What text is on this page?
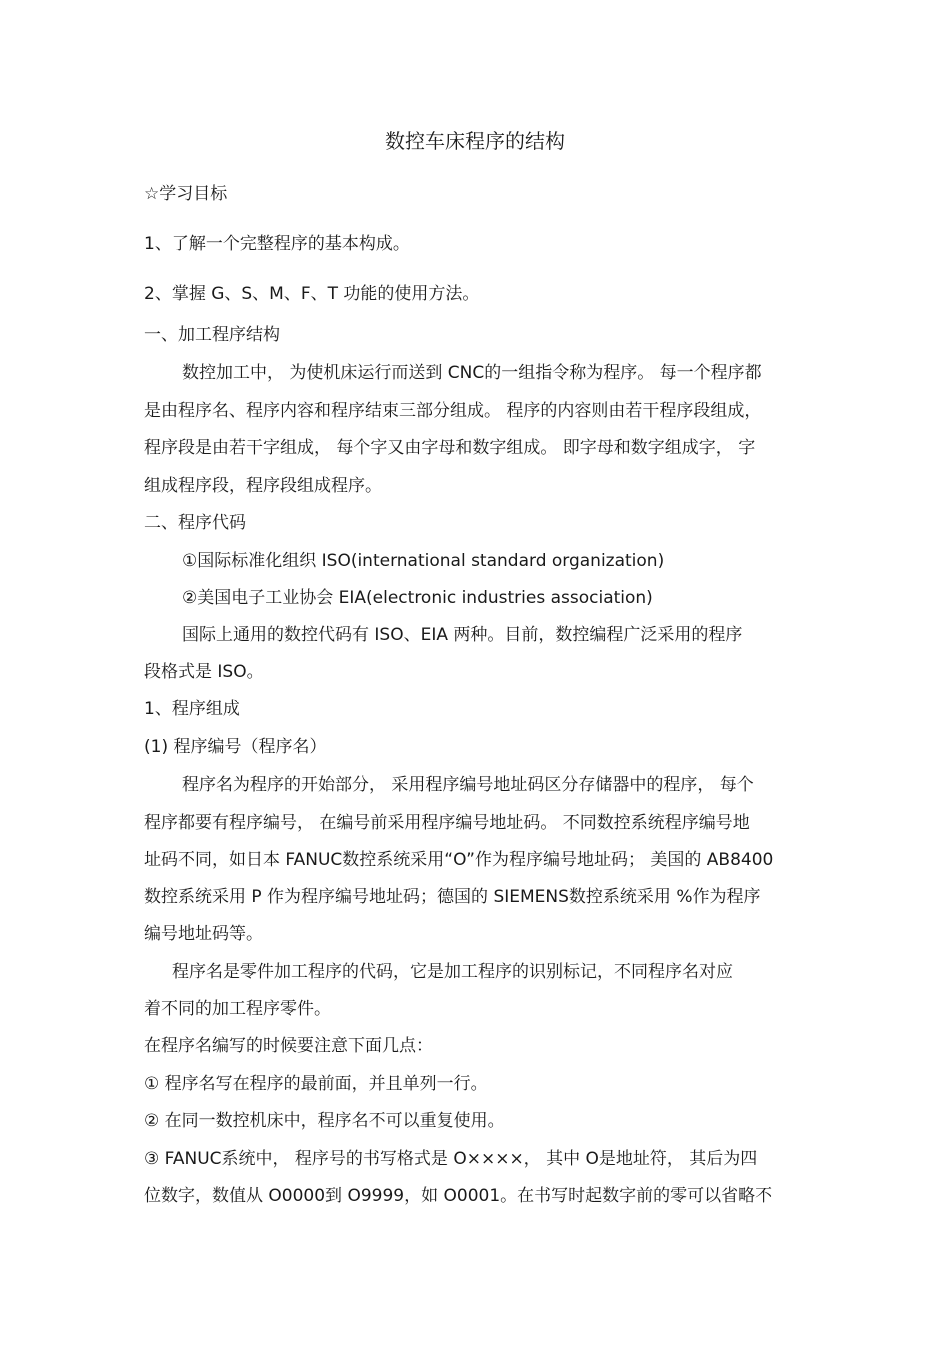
数控车床程序的结构
☆学习目标
1、了解一个完整程序的基本构成。
2、掌握 G、S、M、F、T 功能的使用方法。
一、加工程序结构
数控加工中， 为使机床运行而送到 CNC的一组指令称为程序。 每一个程序都
是由程序名、程序内容和程序结束三部分组成。 程序的内容则由若干程序段组成，
程序段是由若干字组成， 每个字又由字母和数字组成。 即字母和数字组成字， 字
组成程序段，程序段组成程序。
二、程序代码
①国际标准化组织 ISO(international standard organization)
②美国电子工业协会 EIA(electronic industries association)
国际上通用的数控代码有 ISO、EIA 两种。目前，数控编程广泛采用的程序
段格式是 ISO。
1、程序组成
(1) 程序编号（程序名）
程序名为程序的开始部分， 采用程序编号地址码区分存储器中的程序， 每个
程序都要有程序编号， 在编号前采用程序编号地址码。 不同数控系统程序编号地
址码不同，如日本 FANUC数控系统采用“O”作为程序编号地址码； 美国的 AB8400
数控系统采用 P 作为程序编号地址码；德国的 SIEMENS数控系统采用 %作为程序
编号地址码等。
程序名是零件加工程序的代码，它是加工程序的识别标记，不同程序名对应
着不同的加工程序零件。
在程序名编写的时候要注意下面几点：
① 程序名写在程序的最前面，并且单列一行。
② 在同一数控机床中，程序名不可以重复使用。
③ FANUC系统中， 程序号的书写格式是 O××××， 其中 O是地址符， 其后为四
位数字，数值从 O0000到 O9999，如 O0001。在书写时起数字前的零可以省略不
